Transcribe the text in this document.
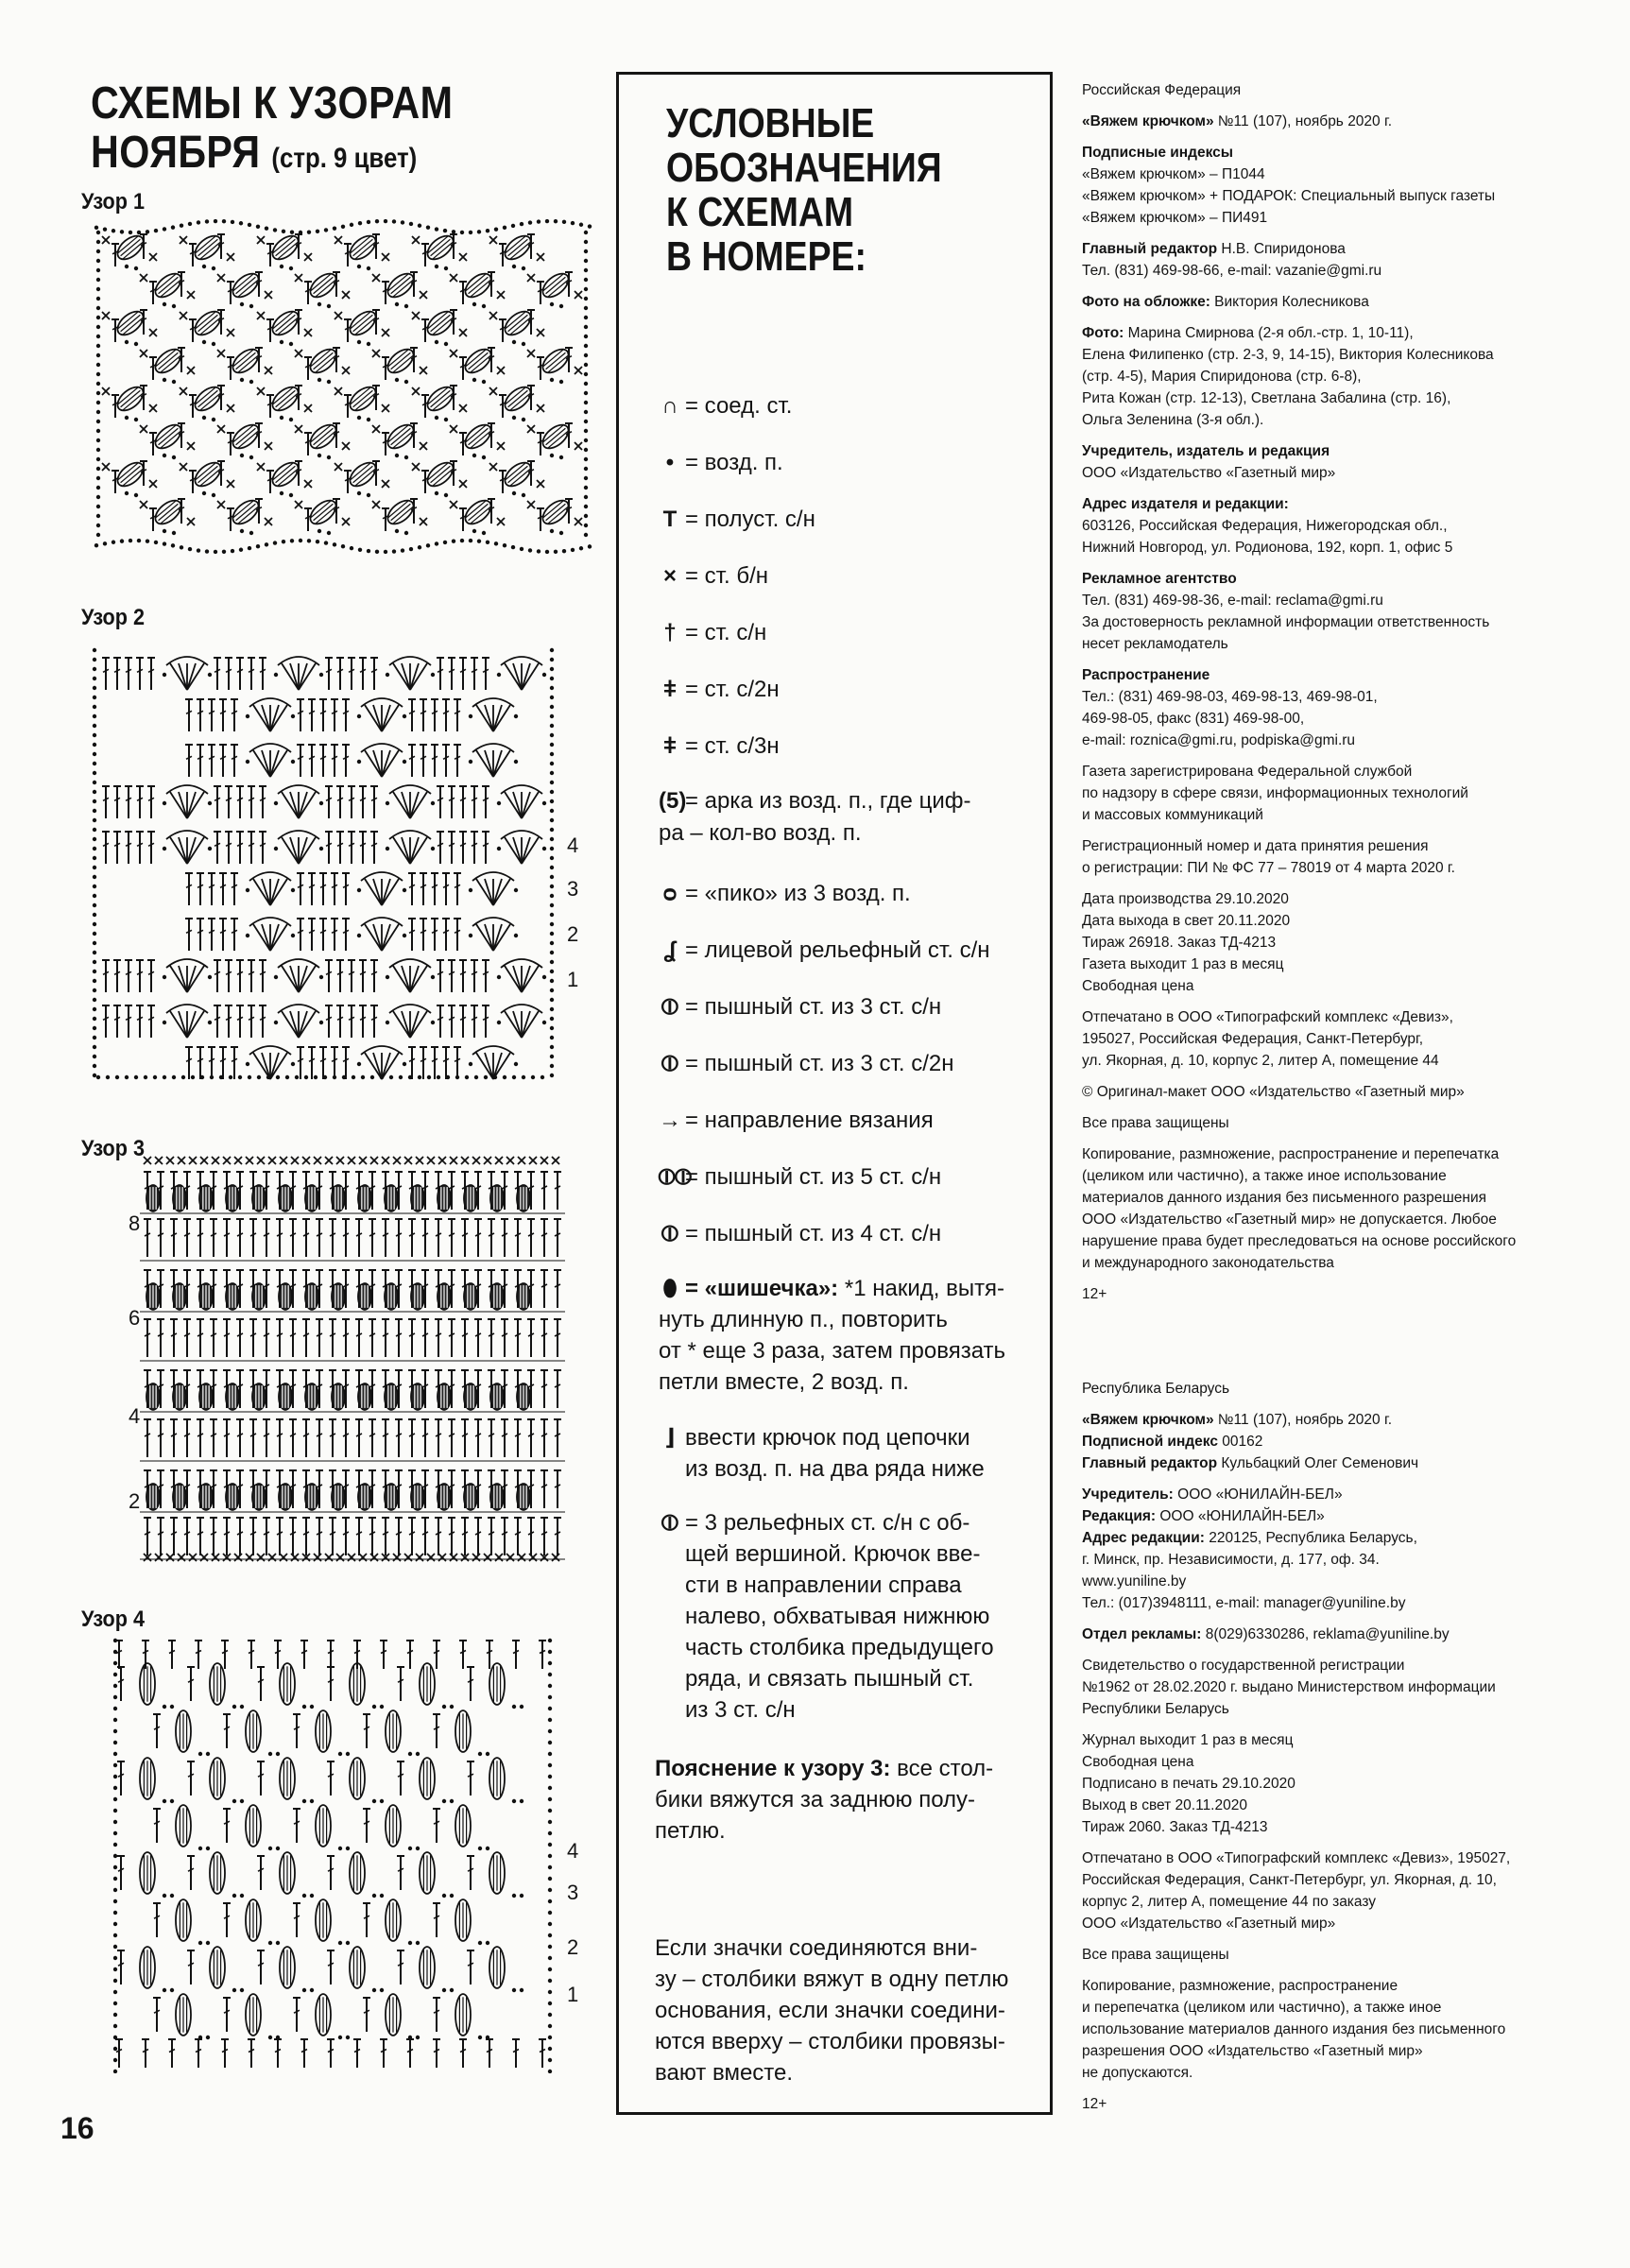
СХЕМЫ К УЗОРАМ
НОЯБРЯ (стр. 9 цвет)
Узор 1
Узор 2
4
3
2
1
Узор 3
8
6
4
2
Узор 4
4
3
2
1
16
УСЛОВНЫЕ
ОБОЗНАЧЕНИЯ
К СХЕМАМ
В НОМЕРЕ:
∩ = соед. ст.
• = возд. п.
T = полуст. с/н
× = ст. б/н
† = ст. с/н
ǂ = ст. с/2н
ǂ = ст. с/3н
(5)= арка из возд. п., где циф-
ра – кол-во возд. п.
ᴑ = «пико» из 3 возд. п.
ʆ = лицевой рельефный ст. с/н
⦶ = пышный ст. из 3 ст. с/н
⦶ = пышный ст. из 3 ст. с/2н
→ = направление вязания
⦶⦶= пышный ст. из 5 ст. с/н
⦶ = пышный ст. из 4 ст. с/н
⬮ = «шишечка»: *1 накид, вытя-
нуть длинную п., повторить
от * еще 3 раза, затем провязать
петли вместе, 2 возд. п.
⌋ ввести крючок под цепочки
из возд. п. на два ряда ниже
⦶ = 3 рельефных ст. с/н с об-
щей вершиной. Крючок вве-
сти в направлении справа
налево, обхватывая нижнюю
часть столбика предыдущего
ряда, и связать пышный ст.
из 3 ст. с/н
Пояснение к узору 3: все стол-
бики вяжутся за заднюю полу-
петлю.
Если значки соединяются вни-
зу – столбики вяжут в одну петлю
основания, если значки соедини-
ются вверху – столбики провязы-
вают вместе.

Российская Федерация

«Вяжем крючком» №11 (107), ноябрь 2020 г.

Подписные индексы

«Вяжем крючком» – П1044

«Вяжем крючком» + ПОДАРОК: Специальный выпуск газеты

«Вяжем крючком» – ПИ491

Главный редактор Н.В. Спиридонова

Тел. (831) 469-98-66, e-mail: vazanie@gmi.ru

Фото на обложке: Виктория Колесникова

Фото: Марина Смирнова (2-я обл.-стр. 1, 10-11),

Елена Филипенко (стр. 2-3, 9, 14-15), Виктория Колесникова

(стр. 4-5), Мария Спиридонова (стр. 6-8),

Рита Кожан (стр. 12-13), Светлана Забалина (стр. 16),

Ольга Зеленина (3-я обл.).

Учредитель, издатель и редакция

ООО «Издательство «Газетный мир»

Адрес издателя и редакции:

603126, Российская Федерация, Нижегородская обл.,

Нижний Новгород, ул. Родионова, 192, корп. 1, офис 5

Рекламное агентство

Тел. (831) 469-98-36, e-mail: reclama@gmi.ru

За достоверность рекламной информации ответственность

несет рекламодатель

Распространение

Тел.: (831) 469-98-03, 469-98-13, 469-98-01,

469-98-05, факс (831) 469-98-00,

e-mail: roznica@gmi.ru, podpiska@gmi.ru

Газета зарегистрирована Федеральной службой

по надзору в сфере связи, информационных технологий

и массовых коммуникаций

Регистрационный номер и дата принятия решения

о регистрации: ПИ № ФС 77 – 78019 от 4 марта 2020 г.

Дата производства 29.10.2020

Дата выхода в свет 20.11.2020

Тираж 26918. Заказ ТД-4213

Газета выходит 1 раз в месяц

Свободная цена

Отпечатано в ООО «Типографский комплекс «Девиз»,

195027, Российская Федерация, Санкт-Петербург,

ул. Якорная, д. 10, корпус 2, литер А, помещение 44

© Оригинал-макет ООО «Издательство «Газетный мир»

Все права защищены

Копирование, размножение, распространение и перепечатка

(целиком или частично), а также иное использование

материалов данного издания без письменного разрешения

ООО «Издательство «Газетный мир» не допускается. Любое

нарушение права будет преследоваться на основе российского

и международного законодательства

12+

Республика Беларусь

«Вяжем крючком» №11 (107), ноябрь 2020 г.

Подписной индекс 00162

Главный редактор Кульбацкий Олег Семенович

Учредитель: ООО «ЮНИЛАЙН-БЕЛ»

Редакция: ООО «ЮНИЛАЙН-БЕЛ»

Адрес редакции: 220125, Республика Беларусь,

г. Минск, пр. Независимости, д. 177, оф. 34.

www.yuniline.by

Тел.: (017)3948111, e-mail: manager@yuniline.by

Отдел рекламы: 8(029)6330286, reklama@yuniline.by

Свидетельство о государственной регистрации

№1962 от 28.02.2020 г. выдано Министерством информации

Республики Беларусь

Журнал выходит 1 раз в месяц

Свободная цена

Подписано в печать 29.10.2020

Выход в свет 20.11.2020

Тираж 2060. Заказ ТД-4213

Отпечатано в ООО «Типографский комплекс «Девиз», 195027,

Российская Федерация, Санкт-Петербург, ул. Якорная, д. 10,

корпус 2, литер А, помещение 44 по заказу

ООО «Издательство «Газетный мир»

Все права защищены

Копирование, размножение, распространение

и перепечатка (целиком или частично), а также иное

использование материалов данного издания без письменного

разрешения ООО «Издательство «Газетный мир»

не допускаются.

12+
